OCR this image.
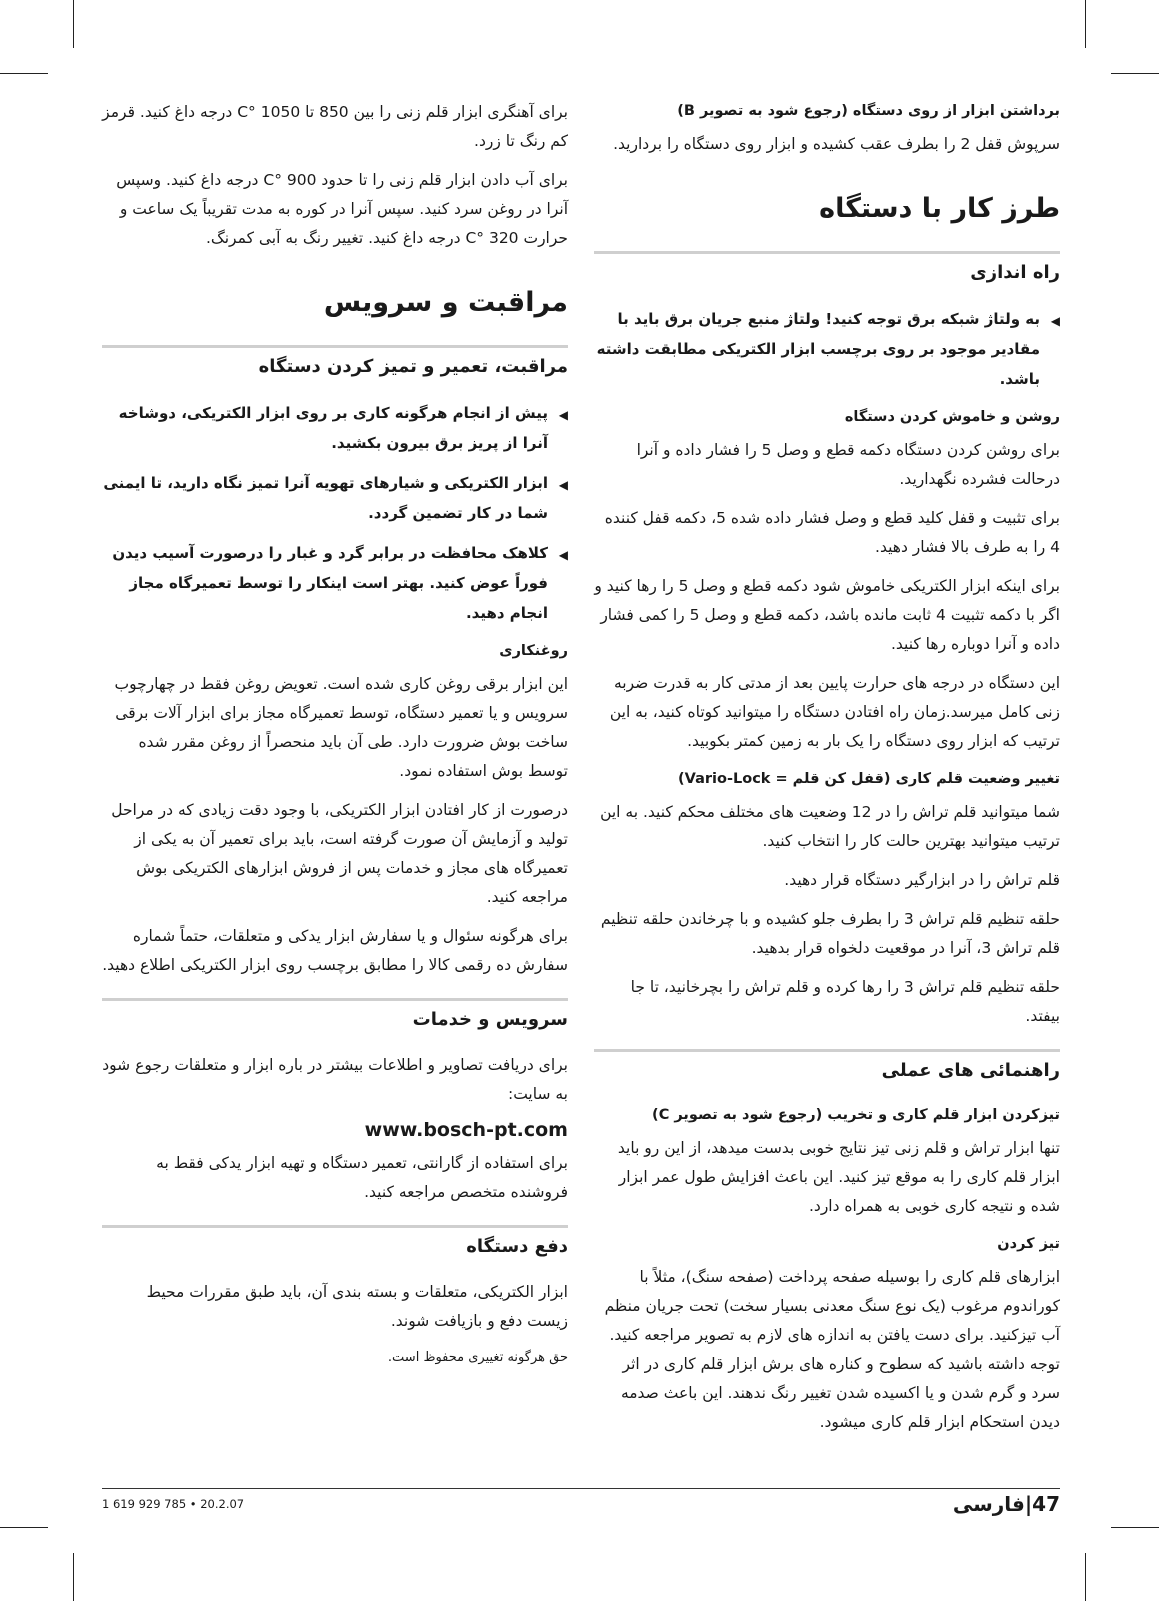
برداشتن ابزار از روی دستگاه (رجوع شود به تصویر B)

سرپوش قفل 2 را بطرف عقب کشیده و ابزار روی دستگاه را بردارید.

طرز کار با دستگاه
راه اندازی
◀
به ولتاژ شبکه برق توجه کنید! ولتاژ منبع جریان برق باید با مقادیر موجود بر روی برچسب ابزار الکتریکی مطابقت داشته باشد.
روشن و خاموش کردن دستگاه

برای روشن کردن دستگاه دکمه قطع و وصل 5 را فشار داده و آنرا درحالت فشرده نگهدارید.

برای تثبیت و قفل کلید قطع و وصل فشار داده شده 5، دکمه قفل کننده 4 را به طرف بالا فشار دهید.

برای اینکه ابزار الکتریکی خاموش شود دکمه قطع و وصل 5 را رها کنید و اگر با دکمه تثبیت 4 ثابت مانده باشد، دکمه قطع و وصل 5 را کمی فشار داده و آنرا دوباره رها کنید.

این دستگاه در درجه های حرارت پایین بعد از مدتی کار به قدرت ضربه زنی کامل میرسد.زمان راه افتادن دستگاه را میتوانید کوتاه کنید، به این ترتیب که ابزار روی دستگاه را یک بار به زمین کمتر بکوبید.

تغییر وضعیت قلم کاری (قفل کن قلم = Vario-Lock)

شما میتوانید قلم تراش را در 12 وضعیت های مختلف محکم کنید. به این ترتیب میتوانید بهترین حالت کار را انتخاب کنید.

قلم تراش را در ابزارگیر دستگاه قرار دهید.

حلقه تنظیم قلم تراش 3 را بطرف جلو کشیده و با چرخاندن حلقه تنظیم قلم تراش 3، آنرا در موقعیت دلخواه قرار بدهید.

حلقه تنظیم قلم تراش 3 را رها کرده و قلم تراش را بچرخانید، تا جا بیفتد.

راهنمائی های عملی
تیزکردن ابزار قلم کاری و تخریب (رجوع شود به تصویر C)

تنها ابزار تراش و قلم زنی تیز نتایج خوبی بدست میدهد، از این رو باید ابزار قلم کاری را به موقع تیز کنید. این باعث افزایش طول عمر ابزار شده و نتیجه کاری خوبی به همراه دارد.

تیز کردن

ابزارهای قلم کاری را بوسیله صفحه پرداخت (صفحه سنگ)، مثلاً با کوراندوم مرغوب (یک نوع سنگ معدنی بسیار سخت) تحت جریان منظم آب تیزکنید. برای دست یافتن به اندازه های لازم به تصویر مراجعه کنید. توجه داشته باشید که سطوح و کناره های برش ابزار قلم کاری در اثر سرد و گرم شدن و یا اکسیده شدن تغییر رنگ ندهند. این باعث صدمه دیدن استحکام ابزار قلم کاری میشود.

برای آهنگری ابزار قلم زنی را بین 850 تا 1050 °C درجه داغ کنید. قرمز کم رنگ تا زرد.

برای آب دادن ابزار قلم زنی را تا حدود 900 °C درجه داغ کنید. وسپس آنرا در روغن سرد کنید. سپس آنرا در کوره به مدت تقریباً یک ساعت و حرارت 320 °C درجه داغ کنید. تغییر رنگ به آبی کمرنگ.

مراقبت و سرویس
مراقبت، تعمیر و تمیز کردن دستگاه
◀
پیش از انجام هرگونه کاری بر روی ابزار الکتریکی، دوشاخه آنرا از پریز برق بیرون بکشید.
◀
ابزار الکتریکی و شیارهای تهویه آنرا تمیز نگاه دارید، تا ایمنی شما در کار تضمین گردد.
◀
کلاهک محافظت در برابر گرد و غبار را درصورت آسیب دیدن فوراً عوض کنید. بهتر است اینکار را توسط تعمیرگاه مجاز انجام دهید.
روغنکاری

این ابزار برقی روغن کاری شده است. تعویض روغن فقط در چهارچوب سرویس و یا تعمیر دستگاه، توسط تعمیرگاه مجاز برای ابزار آلات برقی ساخت بوش ضرورت دارد. طی آن باید منحصراً از روغن مقرر شده توسط بوش استفاده نمود.

درصورت از کار افتادن ابزار الکتریکی، با وجود دقت زیادی که در مراحل تولید و آزمایش آن صورت گرفته است، باید برای تعمیر آن به یکی از تعمیرگاه های مجاز و خدمات پس از فروش ابزارهای الکتریکی بوش مراجعه کنید.

برای هرگونه سئوال و یا سفارش ابزار یدکی و متعلقات، حتماً شماره سفارش ده رقمی کالا را مطابق برچسب روی ابزار الکتریکی اطلاع دهید.

سرویس و خدمات

برای دریافت تصاویر و اطلاعات بیشتر در باره ابزار و متعلقات رجوع شود به سایت:

www.bosch-pt.com

برای استفاده از گارانتی، تعمیر دستگاه و تهیه ابزار یدکی فقط به فروشنده متخصص مراجعه کنید.

دفع دستگاه

ابزار الکتریکی، متعلقات و بسته بندی آن، باید طبق مقررات محیط زیست دفع و بازیافت شوند.

حق هرگونه تغییری محفوظ است.

47|فارسی
1 619 929 785 • 20.2.07
